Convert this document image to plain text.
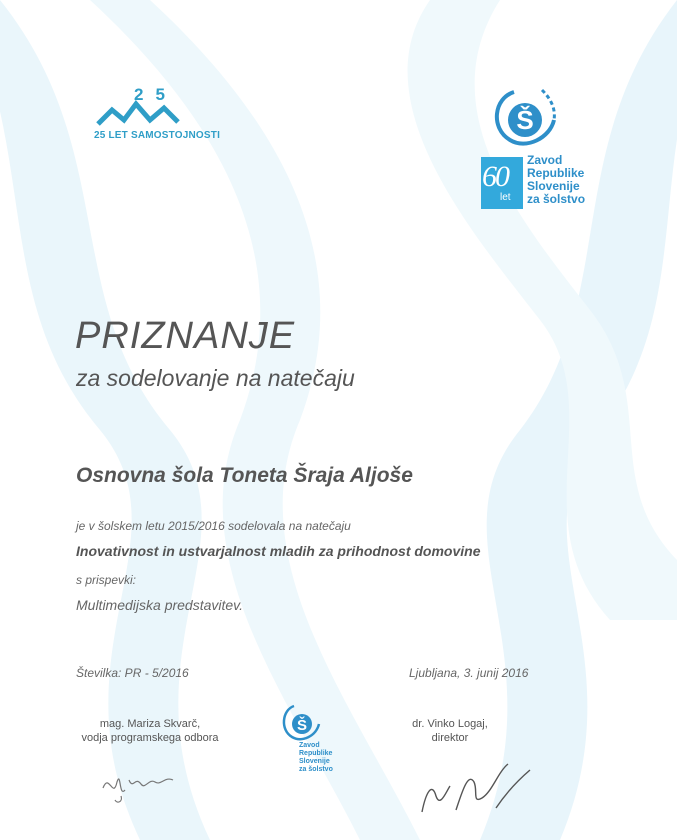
25
25 LET SAMOSTOJNOSTI
Š
60
let
Zavod
Republike
Slovenije
za šolstvo
PRIZNANJE
za sodelovanje na natečaju
Osnovna šola Toneta Šraja Aljoše
je v šolskem letu 2015/2016 sodelovala na natečaju
Inovativnost in ustvarjalnost mladih za prihodnost domovine
s prispevki:
Multimedijska predstavitev.
Številka: PR - 5/2016	Ljubljana, 3. junij 2016
mag. Mariza Skvarč,
vodja programskega odbora
dr. Vinko Logaj,
direktor
Š
Zavod
Republike
Slovenije
za šolstvo
